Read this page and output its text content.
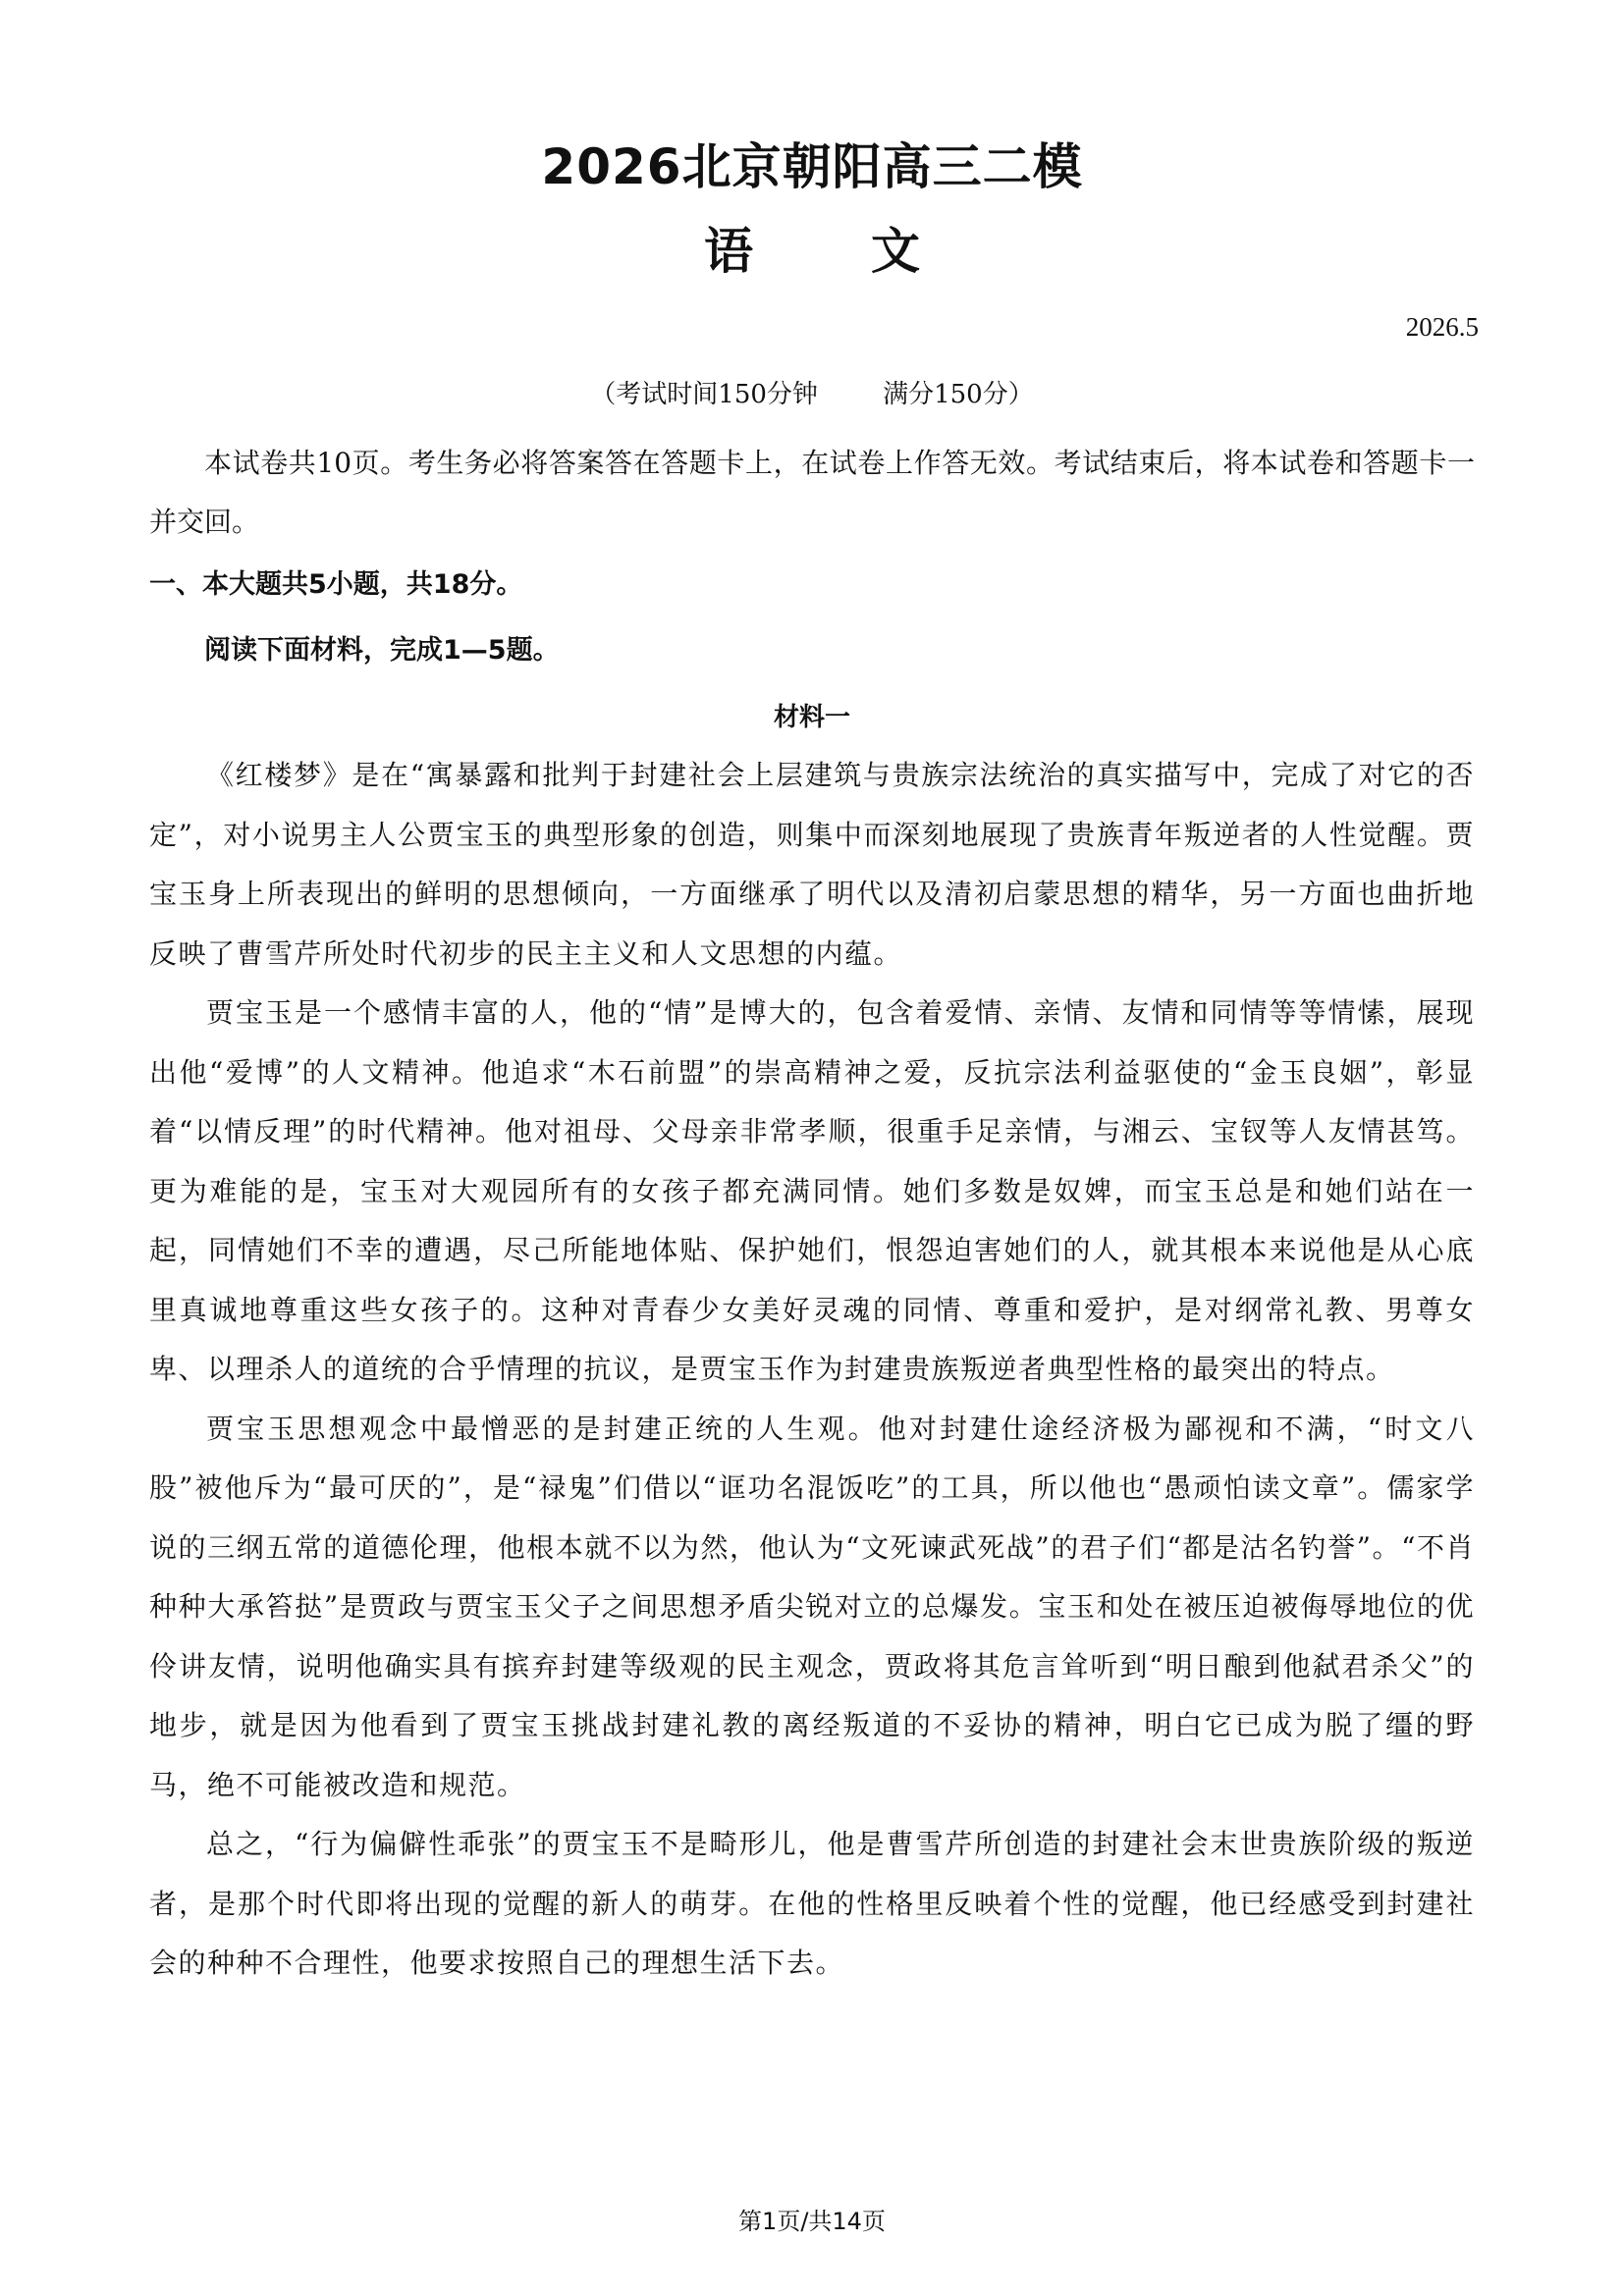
2026北京朝阳高三二模
语文
2026.5
（考试时间150分钟	满分150分）
本试卷共10页。考生务必将答案答在答题卡上，在试卷上作答无效。考试结束后，将本试卷和答题卡一并交回。
一、本大题共5小题，共18分。
阅读下面材料，完成1—5题。
材料一

《红楼梦》是在“寓暴露和批判于封建社会上层建筑与贵族宗法统治的真实描写中，完成了对它的否定”，对小说男主人公贾宝玉的典型形象的创造，则集中而深刻地展现了贵族青年叛逆者的人性觉醒。贾宝玉身上所表现出的鲜明的思想倾向，一方面继承了明代以及清初启蒙思想的精华，另一方面也曲折地反映了曹雪芹所处时代初步的民主主义和人文思想的内蕴。

贾宝玉是一个感情丰富的人，他的“情”是博大的，包含着爱情、亲情、友情和同情等等情愫，展现出他“爱博”的人文精神。他追求“木石前盟”的崇高精神之爱，反抗宗法利益驱使的“金玉良姻”，彰显着“以情反理”的时代精神。他对祖母、父母亲非常孝顺，很重手足亲情，与湘云、宝钗等人友情甚笃。更为难能的是，宝玉对大观园所有的女孩子都充满同情。她们多数是奴婢，而宝玉总是和她们站在一起，同情她们不幸的遭遇，尽己所能地体贴、保护她们，恨怨迫害她们的人，就其根本来说他是从心底里真诚地尊重这些女孩子的。这种对青春少女美好灵魂的同情、尊重和爱护，是对纲常礼教、男尊女卑、以理杀人的道统的合乎情理的抗议，是贾宝玉作为封建贵族叛逆者典型性格的最突出的特点。

贾宝玉思想观念中最憎恶的是封建正统的人生观。他对封建仕途经济极为鄙视和不满，“时文八股”被他斥为“最可厌的”，是“禄鬼”们借以“诓功名混饭吃”的工具，所以他也“愚顽怕读文章”。儒家学说的三纲五常的道德伦理，他根本就不以为然，他认为“文死谏武死战”的君子们“都是沽名钓誉”。“不肖种种大承笞挞”是贾政与贾宝玉父子之间思想矛盾尖锐对立的总爆发。宝玉和处在被压迫被侮辱地位的优伶讲友情，说明他确实具有摈弃封建等级观的民主观念，贾政将其危言耸听到“明日酿到他弑君杀父”的地步，就是因为他看到了贾宝玉挑战封建礼教的离经叛道的不妥协的精神，明白它已成为脱了缰的野马，绝不可能被改造和规范。

总之，“行为偏僻性乖张”的贾宝玉不是畸形儿，他是曹雪芹所创造的封建社会末世贵族阶级的叛逆者，是那个时代即将出现的觉醒的新人的萌芽。在他的性格里反映着个性的觉醒，他已经感受到封建社会的种种不合理性，他要求按照自己的理想生活下去。

第1页/共14页
